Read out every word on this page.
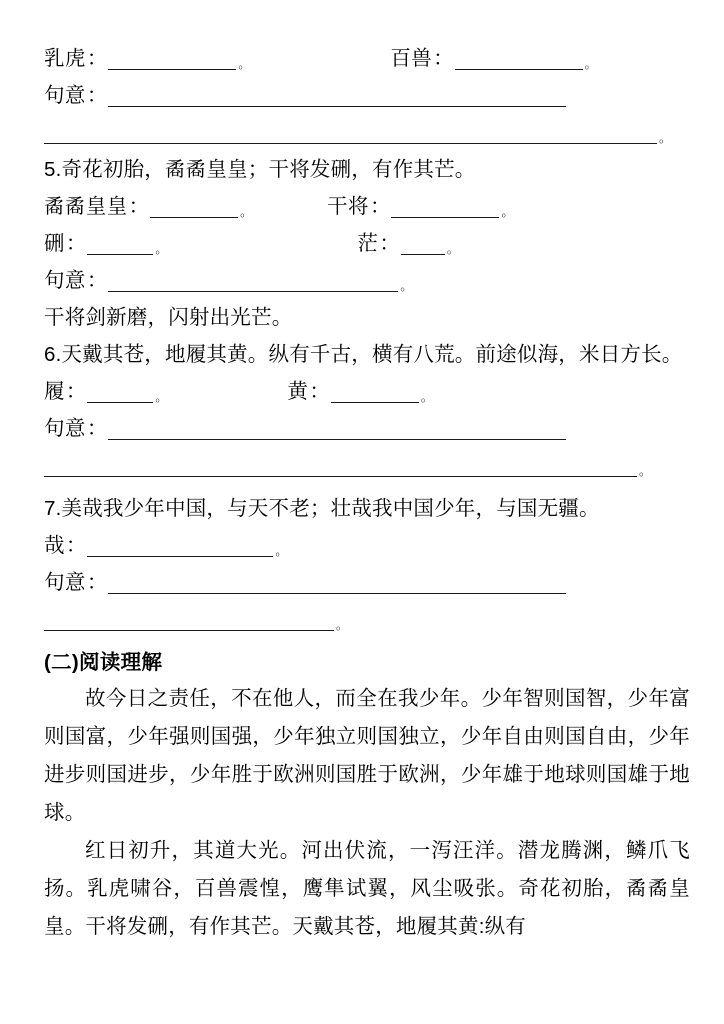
乳虎 ：	。	百兽 ：	。
句意 ：
。

5.奇花初胎，矞矞皇皇；干将发硎，有作其芒。

矞矞皇皇 ：	。	干将 ：	。
硎 ：	。	茫 ：	。
句意 ：	。

干将剑新磨，闪射出光芒。

6.天戴其苍，地履其黄。纵有千古，横有八荒。前途似海，米日方长。

履 ：	。	黄 ：	。
句意 ：
。

7.美哉我少年中国，与天不老；壮哉我中国少年，与国无疆。

哉 ：	。
句意 ：
。
(二)阅读理解

故今日之责任，不在他人，而全在我少年。少年智则国智，少年富则国富，少年强则国强，少年独立则国独立，少年自由则国自由，少年进步则国进步，少年胜于欧洲则国胜于欧洲，少年雄于地球则国雄于地球。

红日初升，其道大光。河出伏流，一泻汪洋。潜龙腾渊，鳞爪飞扬。乳虎啸谷，百兽震惶，鹰隼试翼，风尘吸张。奇花初胎，矞矞皇皇。干将发硎，有作其芒。天戴其苍，地履其黄:纵有
